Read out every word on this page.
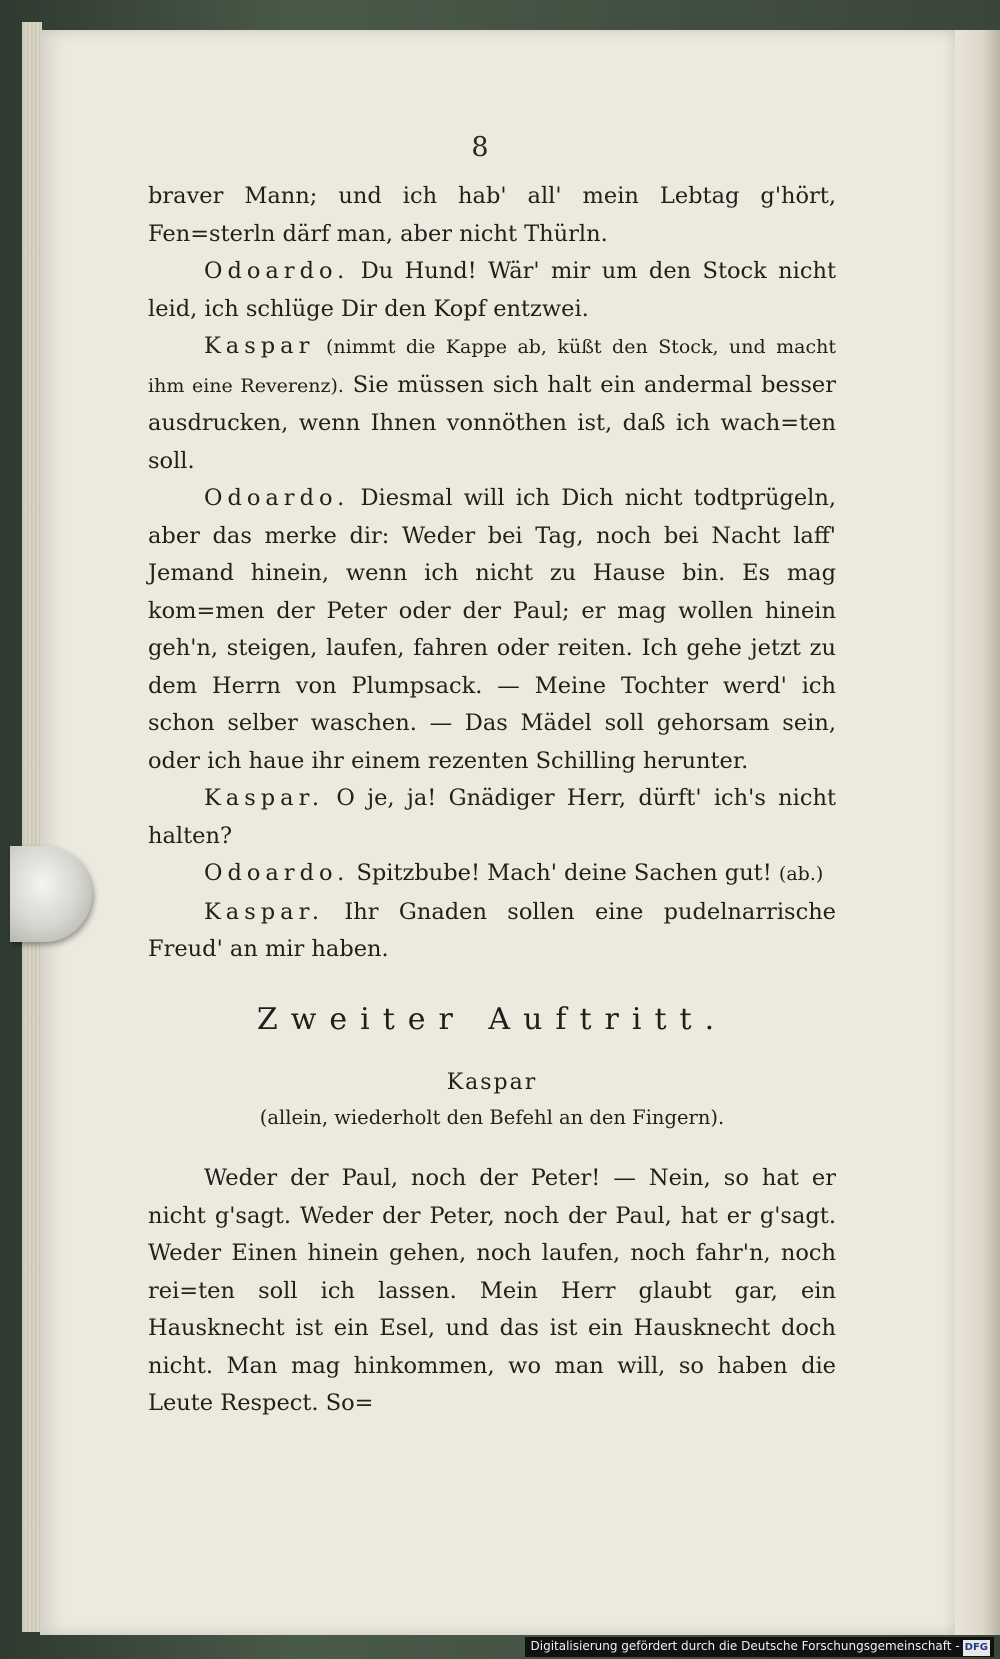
8

braver Mann; und ich hab' all' mein Lebtag g'hört, Fen=sterln därf man, aber nicht Thürln.

Odoardo. Du Hund! Wär' mir um den Stock nicht leid, ich schlüge Dir den Kopf entzwei.

Kaspar (nimmt die Kappe ab, küßt den Stock, und macht ihm eine Reverenz). Sie müssen sich halt ein andermal besser ausdrucken, wenn Ihnen vonnöthen ist, daß ich wach=ten soll.

Odoardo. Diesmal will ich Dich nicht todtprügeln, aber das merke dir: Weder bei Tag, noch bei Nacht laff' Jemand hinein, wenn ich nicht zu Hause bin. Es mag kom=men der Peter oder der Paul; er mag wollen hinein geh'n, steigen, laufen, fahren oder reiten. Ich gehe jetzt zu dem Herrn von Plumpsack. — Meine Tochter werd' ich schon selber waschen. — Das Mädel soll gehorsam sein, oder ich haue ihr einem rezenten Schilling herunter.

Kaspar. O je, ja! Gnädiger Herr, dürft' ich's nicht halten?

Odoardo. Spitzbube! Mach' deine Sachen gut! (ab.)

Kaspar. Ihr Gnaden sollen eine pudelnarrische Freud' an mir haben.

Zweiter Auftritt.
Kaspar
(allein, wiederholt den Befehl an den Fingern).

Weder der Paul, noch der Peter! — Nein, so hat er nicht g'sagt. Weder der Peter, noch der Paul, hat er g'sagt. Weder Einen hinein gehen, noch laufen, noch fahr'n, noch rei=ten soll ich lassen. Mein Herr glaubt gar, ein Hausknecht ist ein Esel, und das ist ein Hausknecht doch nicht. Man mag hinkommen, wo man will, so haben die Leute Respect. So=

Digitalisierung gefördert durch die Deutsche Forschungsgemeinschaft - DFG
